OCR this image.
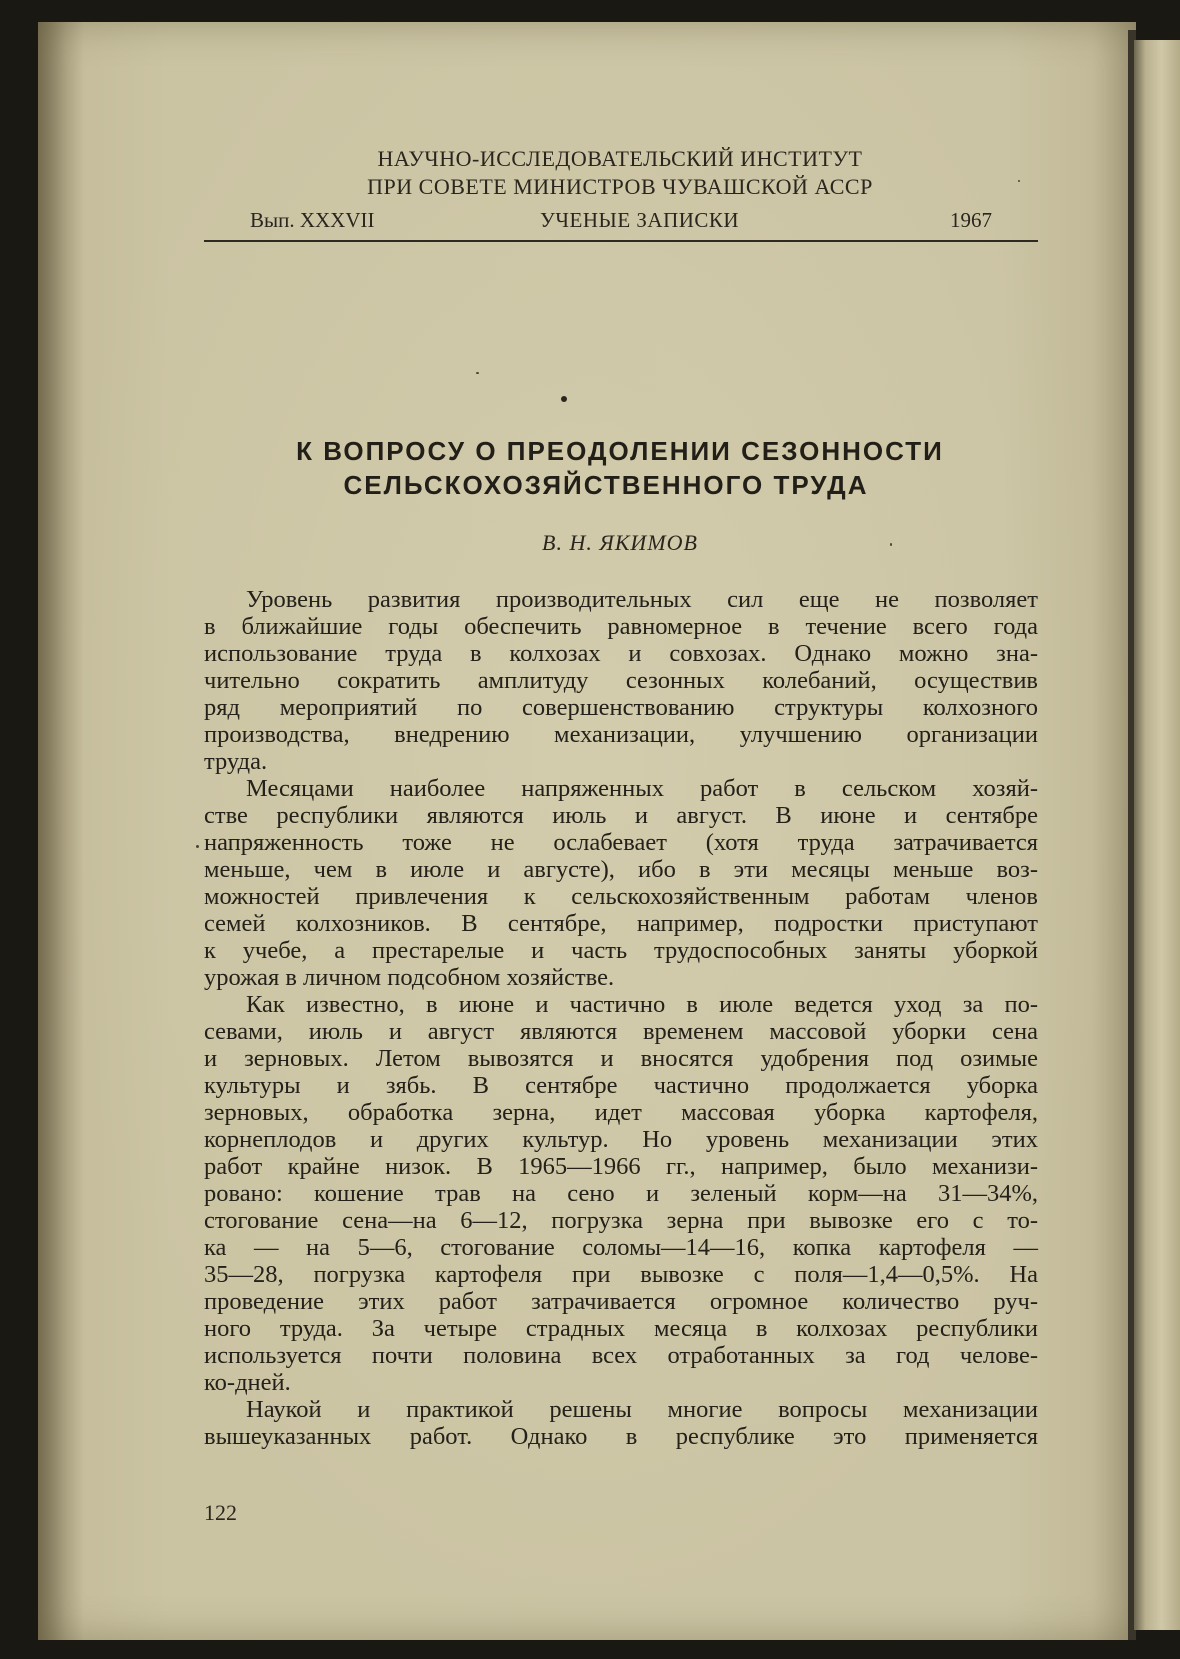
НАУЧНО-ИССЛЕДОВАТЕЛЬСКИЙ ИНСТИТУТ
ПРИ СОВЕТЕ МИНИСТРОВ ЧУВАШСКОЙ АССР
Вып. XXXVII	УЧЕНЫЕ ЗАПИСКИ	1967
К ВОПРОСУ О ПРЕОДОЛЕНИИ СЕЗОННОСТИ
СЕЛЬСКОХОЗЯЙСТВЕННОГО ТРУДА
В. Н. ЯКИМОВ
Уровень развития производительных сил еще не позволяет
в ближайшие годы обеспечить равномерное в течение всего года
использование труда в колхозах и совхозах. Однако можно зна-
чительно сократить амплитуду сезонных колебаний, осуществив
ряд мероприятий по совершенствованию структуры колхозного
производства, внедрению механизации, улучшению организации
труда.
Месяцами наиболее напряженных работ в сельском хозяй-
стве республики являются июль и август. В июне и сентябре
напряженность тоже не ослабевает (хотя труда затрачивается
меньше, чем в июле и августе), ибо в эти месяцы меньше воз-
можностей привлечения к сельскохозяйственным работам членов
семей колхозников. В сентябре, например, подростки приступают
к учебе, а престарелые и часть трудоспособных заняты уборкой
урожая в личном подсобном хозяйстве.
Как известно, в июне и частично в июле ведется уход за по-
севами, июль и август являются временем массовой уборки сена
и зерновых. Летом вывозятся и вносятся удобрения под озимые
культуры и зябь. В сентябре частично продолжается уборка
зерновых, обработка зерна, идет массовая уборка картофеля,
корнеплодов и других культур. Но уровень механизации этих
работ крайне низок. В 1965—1966 гг., например, было механизи-
ровано: кошение трав на сено и зеленый корм—на 31—34%,
стогование сена—на 6—12, погрузка зерна при вывозке его с то-
ка — на 5—6, стогование соломы—14—16, копка картофеля —
35—28, погрузка картофеля при вывозке с поля—1,4—0,5%. На
проведение этих работ затрачивается огромное количество руч-
ного труда. За четыре страдных месяца в колхозах республики
используется почти половина всех отработанных за год челове-
ко-дней.
Наукой и практикой решены многие вопросы механизации
вышеуказанных работ. Однако в республике это применяется
122
